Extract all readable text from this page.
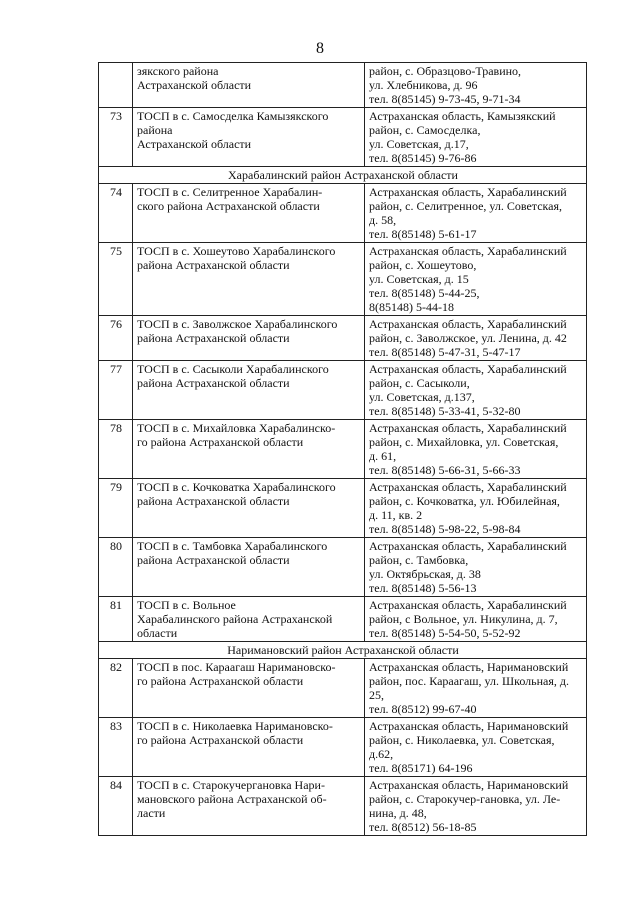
8

	зякского района
Астраханской области	район, с. Образцово-Травино,
ул. Хлебникова, д. 96
тел. 8(85145) 9-73-45, 9-71-34

73	ТОСП в с. Самосделка Камызякского
района
Астраханской области	Астраханская область, Камызякский
район, с. Самосделка,
ул. Советская, д.17,
тел. 8(85145) 9-76-86

Харабалинский район Астраханской области		
74	ТОСП в с. Селитренное Харабалин-
ского района Астраханской области	Астраханская область, Харабалинский
район, с. Селитренное, ул. Советская,
д. 58,
тел. 8(85148) 5-61-17

75	ТОСП в с. Хошеутово Харабалинского
района Астраханской области	Астраханская область, Харабалинский
район, с. Хошеутово,
ул. Советская, д. 15
тел. 8(85148) 5-44-25,
8(85148) 5-44-18

76	ТОСП в с. Заволжское Харабалинского
района Астраханской области	Астраханская область, Харабалинский
район, с. Заволжское, ул. Ленина, д. 42
тел. 8(85148) 5-47-31, 5-47-17

77	ТОСП в с. Сасыколи Харабалинского
района Астраханской области	Астраханская область, Харабалинский
район, с. Сасыколи,
ул. Советская, д.137,
тел. 8(85148) 5-33-41, 5-32-80

78	ТОСП в с. Михайловка Харабалинско-
го района Астраханской области	Астраханская область, Харабалинский
район, с. Михайловка, ул. Советская,
д. 61,
тел. 8(85148) 5-66-31, 5-66-33

79	ТОСП в с. Кочковатка Харабалинского
района Астраханской области	Астраханская область, Харабалинский
район, с. Кочковатка, ул. Юбилейная,
д. 11, кв. 2
тел. 8(85148) 5-98-22, 5-98-84

80	ТОСП в с. Тамбовка Харабалинского
района Астраханской области	Астраханская область, Харабалинский
район, с. Тамбовка,
ул. Октябрьская, д. 38
тел. 8(85148) 5-56-13

81	ТОСП в с. Вольное
Харабалинского района Астраханской
области	Астраханская область, Харабалинский
район, с Вольное, ул. Никулина, д. 7,
тел. 8(85148) 5-54-50, 5-52-92

Наримановский район Астраханской области		
82	ТОСП в пос. Караагаш Наримановско-
го района Астраханской области	Астраханская область, Наримановский
район, пос. Караагаш, ул. Школьная, д.
25,
тел. 8(8512) 99-67-40

83	ТОСП в с. Николаевка Наримановско-
го района Астраханской области	Астраханская область, Наримановский
район, с. Николаевка, ул. Советская,
д.62,
тел. 8(85171) 64-196

84	ТОСП в с. Старокучергановка Нари-
мановского района Астраханской об-
ласти	Астраханская область, Наримановский
район, с. Старокучер-гановка, ул. Ле-
нина, д. 48,
тел. 8(8512) 56-18-85
